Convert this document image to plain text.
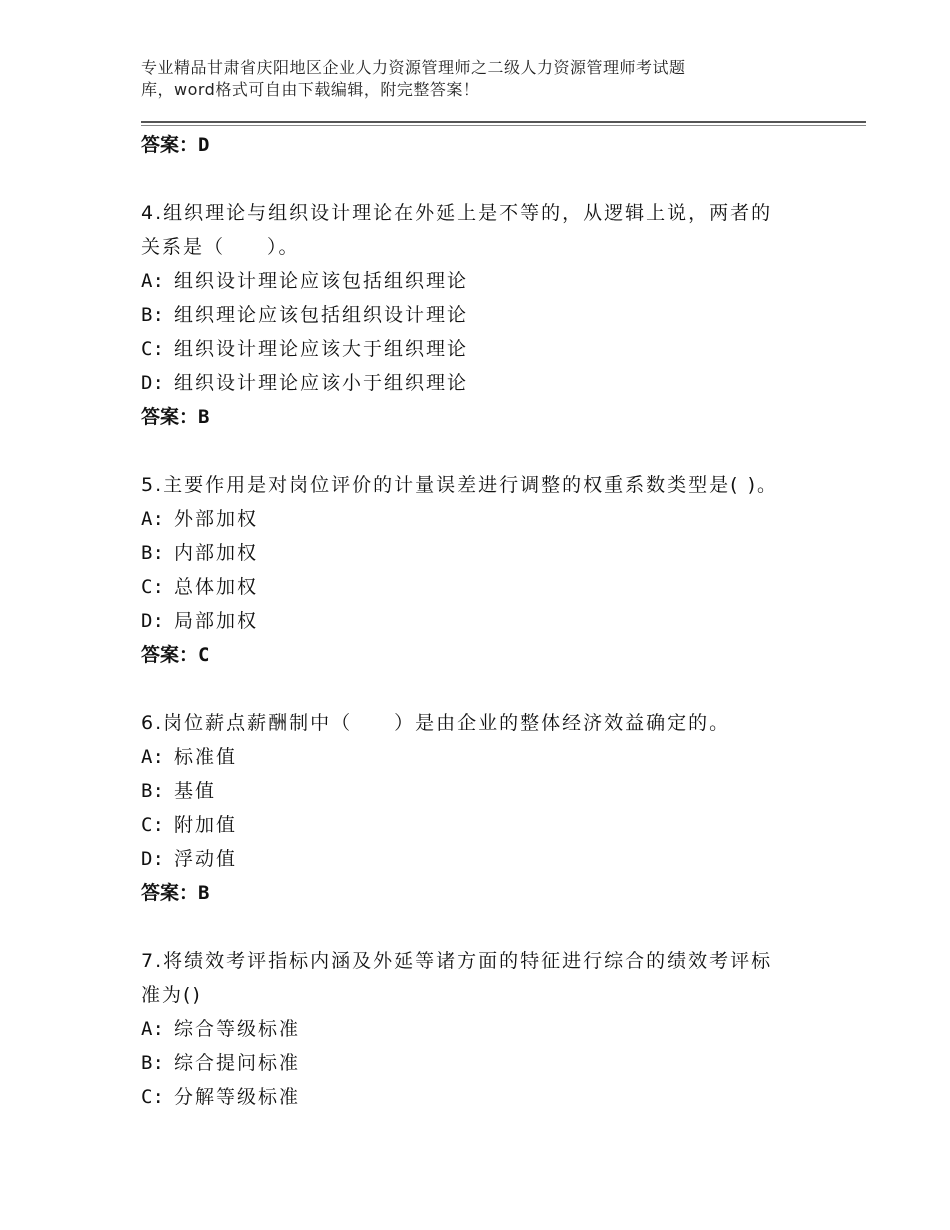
专业精品甘肃省庆阳地区企业人力资源管理师之二级人力资源管理师考试题
库，word格式可自由下载编辑，附完整答案！

答案：D

4.组织理论与组织设计理论在外延上是不等的，从逻辑上说，两者的

关系是（　　）。

A: 组织设计理论应该包括组织理论

B: 组织理论应该包括组织设计理论

C: 组织设计理论应该大于组织理论

D: 组织设计理论应该小于组织理论

答案：B

5.主要作用是对岗位评价的计量误差进行调整的权重系数类型是( )。

A: 外部加权

B: 内部加权

C: 总体加权

D: 局部加权

答案：C

6.岗位薪点薪酬制中（　　）是由企业的整体经济效益确定的。

A: 标准值

B: 基值

C: 附加值

D: 浮动值

答案：B

7.将绩效考评指标内涵及外延等诸方面的特征进行综合的绩效考评标

准为()

A: 综合等级标准

B: 综合提问标准

C: 分解等级标准
